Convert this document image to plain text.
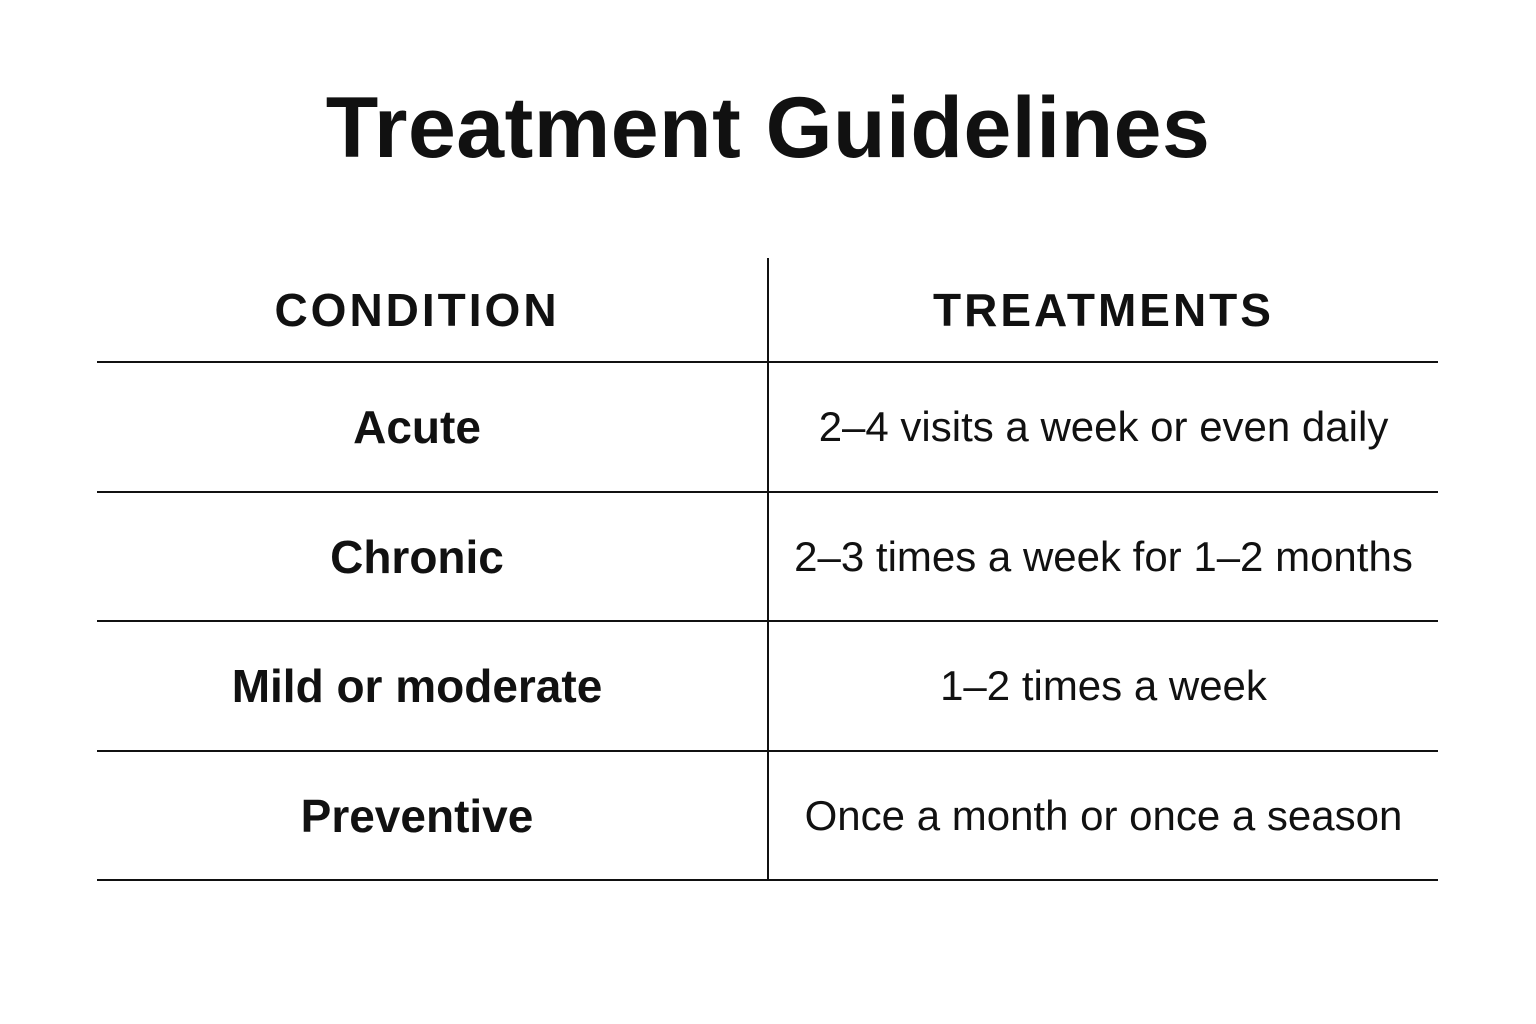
Treatment Guidelines
CONDITION	TREATMENTS
Acute	2–4 visits a week or even daily
Chronic	2–3 times a week for 1–2 months
Mild or moderate	1–2 times a week
Preventive	Once a month or once a season
